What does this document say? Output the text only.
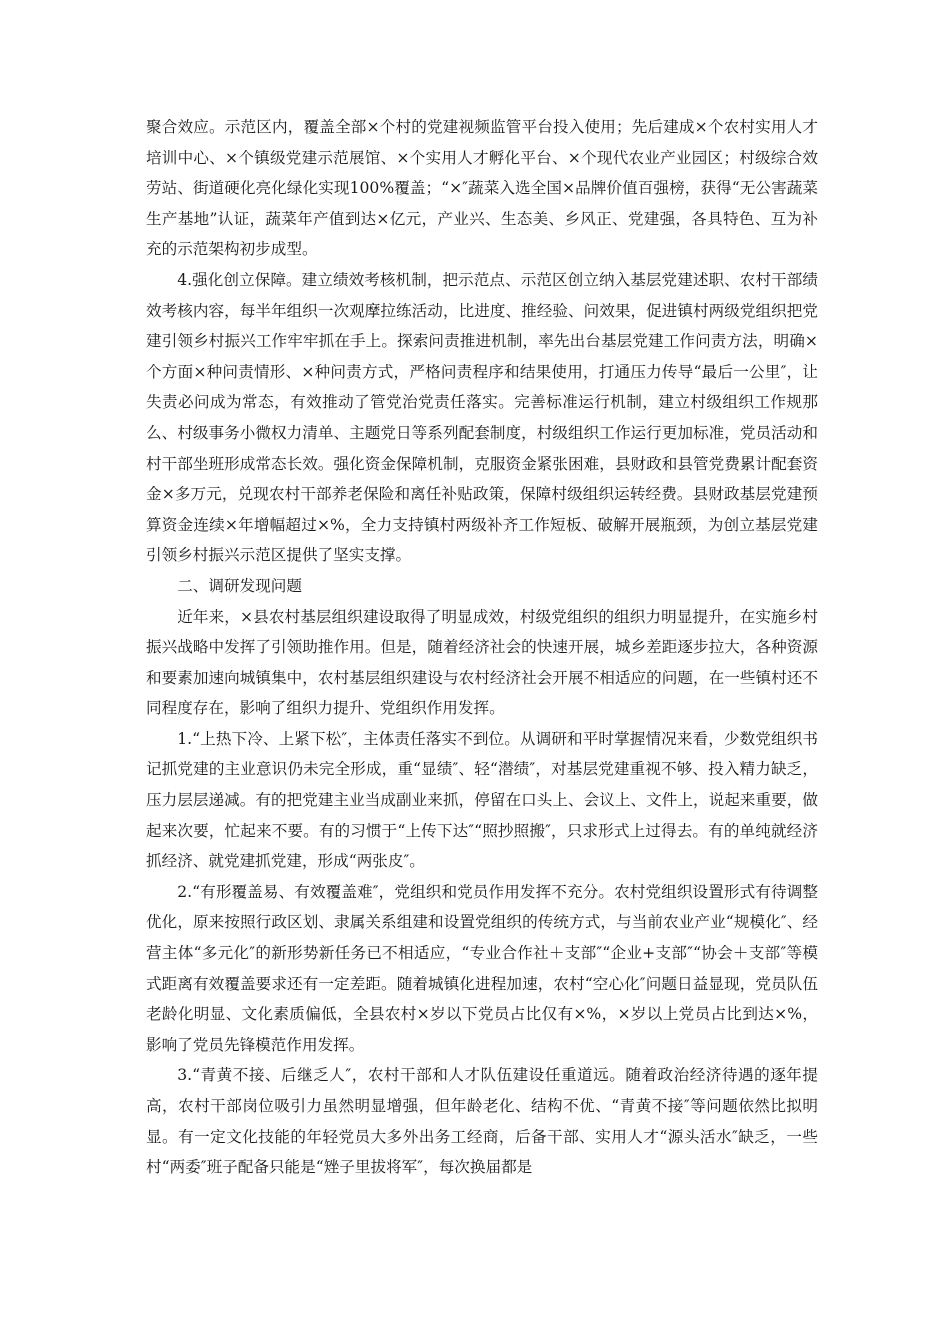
聚合效应。示范区内，覆盖全部×个村的党建视频监管平台投入使用；先后建成×个农村实用人才培训中心、×个镇级党建示范展馆、×个实用人才孵化平台、×个现代农业产业园区；村级综合效劳站、街道硬化亮化绿化实现100%覆盖；“×″蔬菜入选全国×品牌价值百强榜，获得“无公害蔬菜生产基地”认证，蔬菜年产值到达×亿元，产业兴、生态美、乡风正、党建强，各具特色、互为补充的示范架构初步成型。

4.强化创立保障。建立绩效考核机制，把示范点、示范区创立纳入基层党建述职、农村干部绩效考核内容，每半年组织一次观摩拉练活动，比进度、推经验、问效果，促进镇村两级党组织把党建引领乡村振兴工作牢牢抓在手上。探索问责推进机制，率先出台基层党建工作问责方法，明确×个方面×种问责情形、×种问责方式，严格问责程序和结果使用，打通压力传导“最后一公里″，让失责必问成为常态，有效推动了管党治党责任落实。完善标准运行机制，建立村级组织工作规那么、村级事务小微权力清单、主题党日等系列配套制度，村级组织工作运行更加标准，党员活动和村干部坐班形成常态长效。强化资金保障机制，克服资金紧张困难，县财政和县管党费累计配套资金×多万元，兑现农村干部养老保险和离任补贴政策，保障村级组织运转经费。县财政基层党建预算资金连续×年增幅超过×%，全力支持镇村两级补齐工作短板、破解开展瓶颈，为创立基层党建引领乡村振兴示范区提供了坚实支撑。

二、调研发现问题

近年来，×县农村基层组织建设取得了明显成效，村级党组织的组织力明显提升，在实施乡村振兴战略中发挥了引领助推作用。但是，随着经济社会的快速开展，城乡差距逐步拉大，各种资源和要素加速向城镇集中，农村基层组织建设与农村经济社会开展不相适应的问题，在一些镇村还不同程度存在，影响了组织力提升、党组织作用发挥。

1.“上热下冷、上紧下松″，主体责任落实不到位。从调研和平时掌握情况来看，少数党组织书记抓党建的主业意识仍未完全形成，重“显绩″、轻“潜绩″，对基层党建重视不够、投入精力缺乏，压力层层递减。有的把党建主业当成副业来抓，停留在口头上、会议上、文件上，说起来重要，做起来次要，忙起来不要。有的习惯于“上传下达″“照抄照搬″，只求形式上过得去。有的单纯就经济抓经济、就党建抓党建，形成“两张皮″。

2.“有形覆盖易、有效覆盖难″，党组织和党员作用发挥不充分。农村党组织设置形式有待调整优化，原来按照行政区划、隶属关系组建和设置党组织的传统方式，与当前农业产业“规模化″、经营主体“多元化″的新形势新任务已不相适应，“专业合作社＋支部″“企业+支部″“协会＋支部″等模式距离有效覆盖要求还有一定差距。随着城镇化进程加速，农村“空心化″问题日益显现，党员队伍老龄化明显、文化素质偏低，全县农村×岁以下党员占比仅有×%，×岁以上党员占比到达×%，影响了党员先锋模范作用发挥。

3.“青黄不接、后继乏人″，农村干部和人才队伍建设任重道远。随着政治经济待遇的逐年提高，农村干部岗位吸引力虽然明显增强，但年龄老化、结构不优、“青黄不接″等问题依然比拟明显。有一定文化技能的年轻党员大多外出务工经商，后备干部、实用人才“源头活水″缺乏，一些村“两委″班子配备只能是“矬子里拔将军″，每次换届都是
